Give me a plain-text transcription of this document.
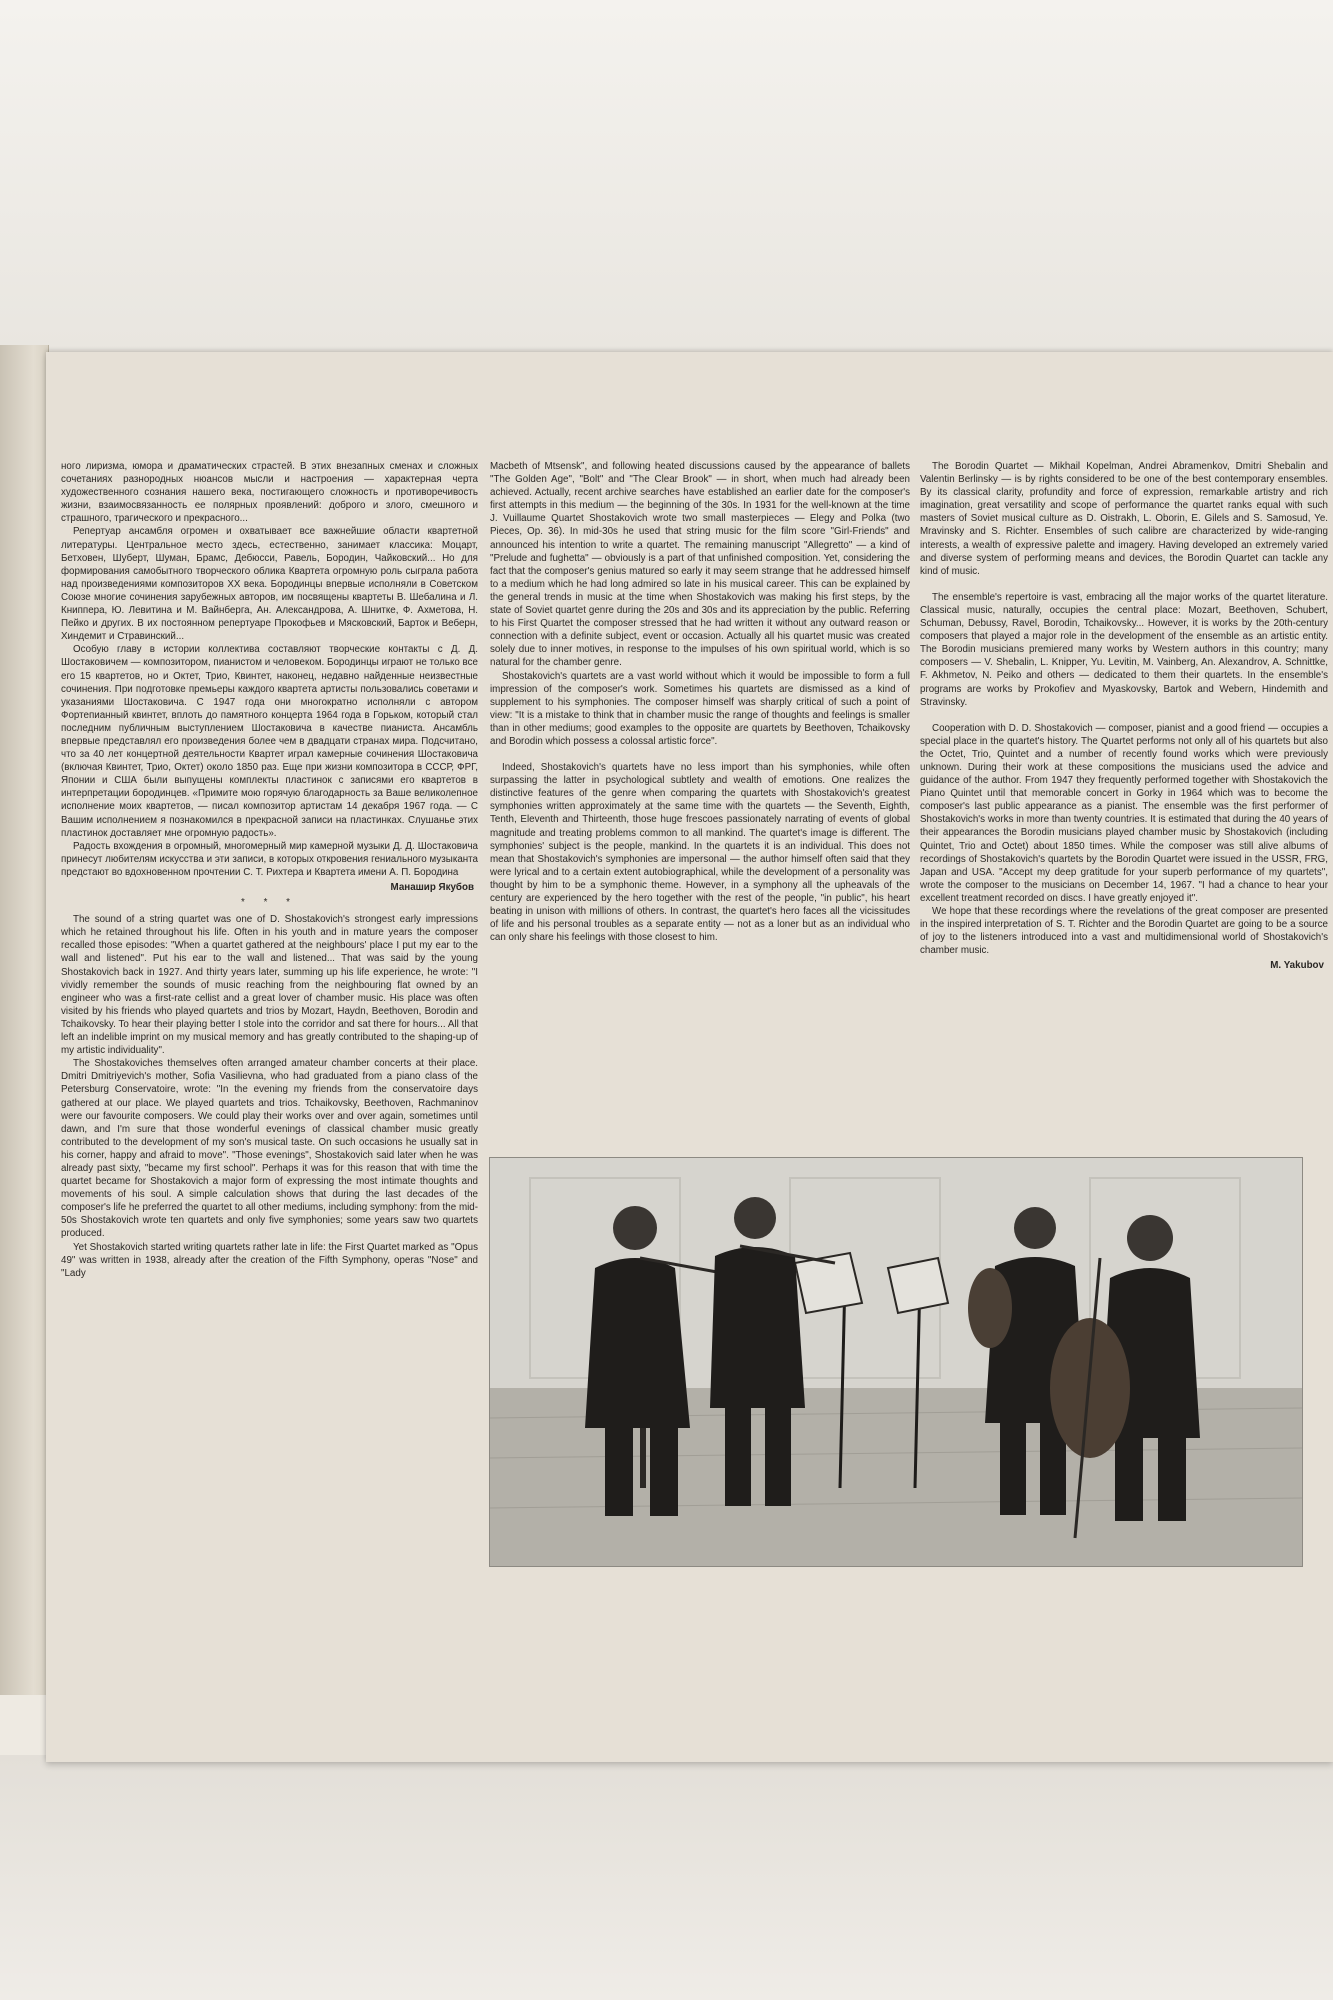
ного лиризма, юмора и драматических страстей. В этих внезапных сменах и сложных сочетаниях разнородных нюансов мысли и настроения — характерная черта художественного сознания нашего века, постигающего сложность и противоречивость жизни, взаимосвязанность ее полярных проявлений: доброго и злого, смешного и страшного, трагического и прекрасного...

Репертуар ансамбля огромен и охватывает все важнейшие области квартетной литературы. Центральное место здесь, естественно, занимает классика: Моцарт, Бетховен, Шуберт, Шуман, Брамс, Дебюсси, Равель, Бородин, Чайковский... Но для формирования самобытного творческого облика Квартета огромную роль сыграла работа над произведениями композиторов XX века. Бородинцы впервые исполняли в Советском Союзе многие сочинения зарубежных авторов, им посвящены квартеты В. Шебалина и Л. Книппера, Ю. Левитина и М. Вайнберга, Ан. Александрова, А. Шнитке, Ф. Ахметова, Н. Пейко и других. В их постоянном репертуаре Прокофьев и Мясковский, Барток и Веберн, Хиндемит и Стравинский...

Особую главу в истории коллектива составляют творческие контакты с Д. Д. Шостаковичем — композитором, пианистом и человеком. Бородинцы играют не только все его 15 квартетов, но и Октет, Трио, Квинтет, наконец, недавно найденные неизвестные сочинения. При подготовке премьеры каждого квартета артисты пользовались советами и указаниями Шостаковича. С 1947 года они многократно исполняли с автором Фортепианный квинтет, вплоть до памятного концерта 1964 года в Горьком, который стал последним публичным выступлением Шостаковича в качестве пианиста. Ансамбль впервые представлял его произведения более чем в двадцати странах мира. Подсчитано, что за 40 лет концертной деятельности Квартет играл камерные сочинения Шостаковича (включая Квинтет, Трио, Октет) около 1850 раз. Еще при жизни композитора в СССР, ФРГ, Японии и США были выпущены комплекты пластинок с записями его квартетов в интерпретации бородинцев. «Примите мою горячую благодарность за Ваше великолепное исполнение моих квартетов, — писал композитор артистам 14 декабря 1967 года. — С Вашим исполнением я познакомился в прекрасной записи на пластинках. Слушаньe этих пластинок доставляет мне огромную радость».

Радость вхождения в огромный, многомерный мир камерной музыки Д. Д. Шостаковича принесут любителям искусства и эти записи, в которых откровения гениального музыканта предстают во вдохновенном прочтении С. Т. Рихтера и Квартета имени А. П. Бородина

Манашир Якубов

* * *

The sound of a string quartet was one of D. Shostakovich's strongest early impressions which he retained throughout his life. Often in his youth and in mature years the composer recalled those episodes: "When a quartet gathered at the neighbours' place I put my ear to the wall and listened". Put his ear to the wall and listened... That was said by the young Shostakovich back in 1927. And thirty years later, summing up his life experience, he wrote: "I vividly remember the sounds of music reaching from the neighbouring flat owned by an engineer who was a first-rate cellist and a great lover of chamber music. His place was often visited by his friends who played quartets and trios by Mozart, Haydn, Beethoven, Borodin and Tchaikovsky. To hear their playing better I stole into the corridor and sat there for hours... All that left an indelible imprint on my musical memory and has greatly contributed to the shaping-up of my artistic individuality".

The Shostakoviches themselves often arranged amateur chamber concerts at their place. Dmitri Dmitriyevich's mother, Sofia Vasilievna, who had graduated from a piano class of the Petersburg Conservatoire, wrote: "In the evening my friends from the conservatoire days gathered at our place. We played quartets and trios. Tchaikovsky, Beethoven, Rachmaninov were our favourite composers. We could play their works over and over again, sometimes until dawn, and I'm sure that those wonderful evenings of classical chamber music greatly contributed to the development of my son's musical taste. On such occasions he usually sat in his corner, happy and afraid to move". "Those evenings", Shostakovich said later when he was already past sixty, "became my first school". Perhaps it was for this reason that with time the quartet became for Shostakovich a major form of expressing the most intimate thoughts and movements of his soul. A simple calculation shows that during the last decades of the composer's life he preferred the quartet to all other mediums, including symphony: from the mid-50s Shostakovich wrote ten quartets and only five symphonies; some years saw two quartets produced.

Yet Shostakovich started writing quartets rather late in life: the First Quartet marked as "Opus 49" was written in 1938, already after the creation of the Fifth Symphony, operas "Nose" and "Lady

Macbeth of Mtsensk", and following heated discussions caused by the appearance of ballets "The Golden Age", "Bolt" and "The Clear Brook" — in short, when much had already been achieved. Actually, recent archive searches have established an earlier date for the composer's first attempts in this medium — the beginning of the 30s. In 1931 for the well-known at the time J. Vuillaume Quartet Shostakovich wrote two small masterpieces — Elegy and Polka (two Pieces, Op. 36). In mid-30s he used that string music for the film score "Girl-Friends" and announced his intention to write a quartet. The remaining manuscript "Allegretto" — a kind of "Prelude and fughetta" — obviously is a part of that unfinished composition. Yet, considering the fact that the composer's genius matured so early it may seem strange that he addressed himself to a medium which he had long admired so late in his musical career. This can be explained by the general trends in music at the time when Shostakovich was making his first steps, by the state of Soviet quartet genre during the 20s and 30s and its appreciation by the public. Referring to his First Quartet the composer stressed that he had written it without any outward reason or connection with a definite subject, event or occasion. Actually all his quartet music was created solely due to inner motives, in response to the impulses of his own spiritual world, which is so natural for the chamber genre.

Shostakovich's quartets are a vast world without which it would be impossible to form a full impression of the composer's work. Sometimes his quartets are dismissed as a kind of supplement to his symphonies. The composer himself was sharply critical of such a point of view: "It is a mistake to think that in chamber music the range of thoughts and feelings is smaller than in other mediums; good examples to the opposite are quartets by Beethoven, Tchaikovsky and Borodin which possess a colossal artistic force".

Indeed, Shostakovich's quartets have no less import than his symphonies, while often surpassing the latter in psychological subtlety and wealth of emotions. One realizes the distinctive features of the genre when comparing the quartets with Shostakovich's greatest symphonies written approximately at the same time with the quartets — the Seventh, Eighth, Tenth, Eleventh and Thirteenth, those huge frescoes passionately narrating of events of global magnitude and treating problems common to all mankind. The quartet's image is different. The symphonies' subject is the people, mankind. In the quartets it is an individual. This does not mean that Shostakovich's symphonies are impersonal — the author himself often said that they were lyrical and to a certain extent autobiographical, while the development of a personality was thought by him to be a symphonic theme. However, in a symphony all the upheavals of the century are experienced by the hero together with the rest of the people, "in public", his heart beating in unison with millions of others. In contrast, the quartet's hero faces all the vicissitudes of life and his personal troubles as a separate entity — not as a loner but as an individual who can only share his feelings with those closest to him.

The Borodin Quartet — Mikhail Kopelman, Andrei Abramenkov, Dmitri Shebalin and Valentin Berlinsky — is by rights considered to be one of the best contemporary ensembles. By its classical clarity, profundity and force of expression, remarkable artistry and rich imagination, great versatility and scope of performance the quartet ranks equal with such masters of Soviet musical culture as D. Oistrakh, L. Oborin, E. Gilels and S. Samosud, Ye. Mravinsky and S. Richter. Ensembles of such calibre are characterized by wide-ranging interests, a wealth of expressive palette and imagery. Having developed an extremely varied and diverse system of performing means and devices, the Borodin Quartet can tackle any kind of music.

The ensemble's repertoire is vast, embracing all the major works of the quartet literature. Classical music, naturally, occupies the central place: Mozart, Beethoven, Schubert, Schuman, Debussy, Ravel, Borodin, Tchaikovsky... However, it is works by the 20th-century composers that played a major role in the development of the ensemble as an artistic entity. The Borodin musicians premiered many works by Western authors in this country; many composers — V. Shebalin, L. Knipper, Yu. Levitin, M. Vainberg, An. Alexandrov, A. Schnittke, F. Akhmetov, N. Peiko and others — dedicated to them their quartets. In the ensemble's programs are works by Prokofiev and Myaskovsky, Bartok and Webern, Hindemith and Stravinsky.

Cooperation with D. D. Shostakovich — composer, pianist and a good friend — occupies a special place in the quartet's history. The Quartet performs not only all of his quartets but also the Octet, Trio, Quintet and a number of recently found works which were previously unknown. During their work at these compositions the musicians used the advice and guidance of the author. From 1947 they frequently performed together with Shostakovich the Piano Quintet until that memorable concert in Gorky in 1964 which was to become the composer's last public appearance as a pianist. The ensemble was the first performer of Shostakovich's works in more than twenty countries. It is estimated that during the 40 years of their appearances the Borodin musicians played chamber music by Shostakovich (including Quintet, Trio and Octet) about 1850 times. While the composer was still alive albums of recordings of Shostakovich's quartets by the Borodin Quartet were issued in the USSR, FRG, Japan and USA. "Accept my deep gratitude for your superb performance of my quartets", wrote the composer to the musicians on December 14, 1967. "I had a chance to hear your excellent treatment recorded on discs. I have greatly enjoyed it".

We hope that these recordings where the revelations of the great composer are presented in the inspired interpretation of S. T. Richter and the Borodin Quartet are going to be a source of joy to the listeners introduced into a vast and multidimensional world of Shostakovich's chamber music.

M. Yakubov
